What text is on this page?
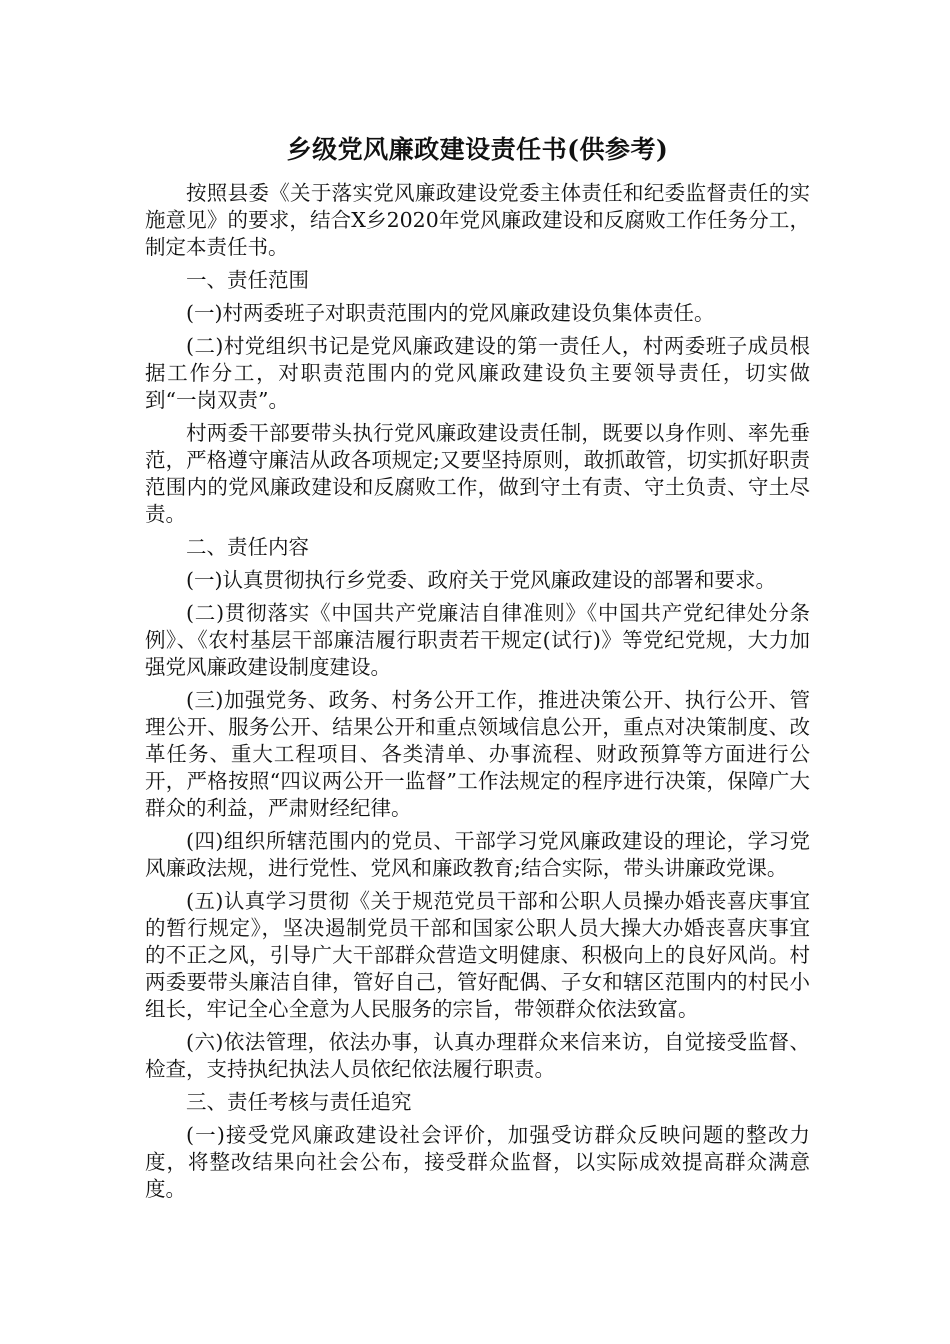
乡级党风廉政建设责任书(供参考)

按照县委《关于落实党风廉政建设党委主体责任和纪委监督责任的实施意见》的要求，结合X乡2020年党风廉政建设和反腐败工作任务分工，制定本责任书。

一、责任范围

(一)村两委班子对职责范围内的党风廉政建设负集体责任。

(二)村党组织书记是党风廉政建设的第一责任人，村两委班子成员根据工作分工，对职责范围内的党风廉政建设负主要领导责任，切实做到“一岗双责”。

村两委干部要带头执行党风廉政建设责任制，既要以身作则、率先垂范，严格遵守廉洁从政各项规定;又要坚持原则，敢抓敢管，切实抓好职责范围内的党风廉政建设和反腐败工作，做到守土有责、守土负责、守土尽责。

二、责任内容

(一)认真贯彻执行乡党委、政府关于党风廉政建设的部署和要求。

(二)贯彻落实《中国共产党廉洁自律准则》《中国共产党纪律处分条例》、《农村基层干部廉洁履行职责若干规定(试行)》等党纪党规，大力加强党风廉政建设制度建设。

(三)加强党务、政务、村务公开工作，推进决策公开、执行公开、管理公开、服务公开、结果公开和重点领域信息公开，重点对决策制度、改革任务、重大工程项目、各类清单、办事流程、财政预算等方面进行公开，严格按照“四议两公开一监督”工作法规定的程序进行决策，保障广大群众的利益，严肃财经纪律。

(四)组织所辖范围内的党员、干部学习党风廉政建设的理论，学习党风廉政法规，进行党性、党风和廉政教育;结合实际，带头讲廉政党课。

(五)认真学习贯彻《关于规范党员干部和公职人员操办婚丧喜庆事宜的暂行规定》，坚决遏制党员干部和国家公职人员大操大办婚丧喜庆事宜的不正之风，引导广大干部群众营造文明健康、积极向上的良好风尚。村两委要带头廉洁自律，管好自己，管好配偶、子女和辖区范围内的村民小组长，牢记全心全意为人民服务的宗旨，带领群众依法致富。

(六)依法管理，依法办事，认真办理群众来信来访，自觉接受监督、检查，支持执纪执法人员依纪依法履行职责。

三、责任考核与责任追究

(一)接受党风廉政建设社会评价，加强受访群众反映问题的整改力度，将整改结果向社会公布，接受群众监督，以实际成效提高群众满意度。
